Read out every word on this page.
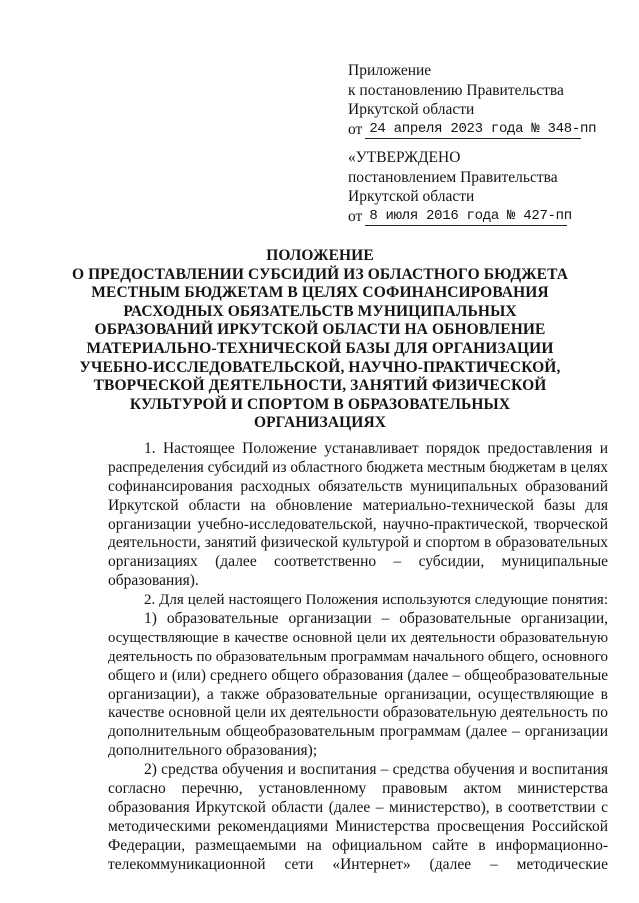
Приложение
к постановлению Правительства
Иркутской области
от 24 апреля 2023 года № 348-пп
«УТВЕРЖДЕНО
постановлением Правительства
Иркутской области
от 8 июля 2016 года № 427-пп
ПОЛОЖЕНИЕ
О ПРЕДОСТАВЛЕНИИ СУБСИДИЙ ИЗ ОБЛАСТНОГО БЮДЖЕТА
МЕСТНЫМ БЮДЖЕТАМ В ЦЕЛЯХ СОФИНАНСИРОВАНИЯ
РАСХОДНЫХ ОБЯЗАТЕЛЬСТВ МУНИЦИПАЛЬНЫХ
ОБРАЗОВАНИЙ ИРКУТСКОЙ ОБЛАСТИ НА ОБНОВЛЕНИЕ
МАТЕРИАЛЬНО-ТЕХНИЧЕСКОЙ БАЗЫ ДЛЯ ОРГАНИЗАЦИИ
УЧЕБНО-ИССЛЕДОВАТЕЛЬСКОЙ, НАУЧНО-ПРАКТИЧЕСКОЙ,
ТВОРЧЕСКОЙ ДЕЯТЕЛЬНОСТИ, ЗАНЯТИЙ ФИЗИЧЕСКОЙ
КУЛЬТУРОЙ И СПОРТОМ В ОБРАЗОВАТЕЛЬНЫХ
ОРГАНИЗАЦИЯХ
1. Настоящее Положение устанавливает порядок предоставления и
распределения субсидий из областного бюджета местным бюджетам в целях
софинансирования расходных обязательств муниципальных образований
Иркутской области на обновление материально-технической базы для
организации учебно-исследовательской, научно-практической, творческой
деятельности, занятий физической культурой и спортом в образовательных
организациях (далее соответственно – субсидии, муниципальные
образования).
2. Для целей настоящего Положения используются следующие понятия:
1) образовательные организации – образовательные организации,
осуществляющие в качестве основной цели их деятельности образовательную
деятельность по образовательным программам начального общего, основного
общего и (или) среднего общего образования (далее – общеобразовательные
организации), а также образовательные организации, осуществляющие в
качестве основной цели их деятельности образовательную деятельность по
дополнительным общеобразовательным программам (далее – организации
дополнительного образования);
2) средства обучения и воспитания – средства обучения и воспитания
согласно перечню, установленному правовым актом министерства
образования Иркутской области (далее – министерство), в соответствии с
методическими рекомендациями Министерства просвещения Российской
Федерации, размещаемыми на официальном сайте в информационно-
телекоммуникационной сети «Интернет» (далее – методические
